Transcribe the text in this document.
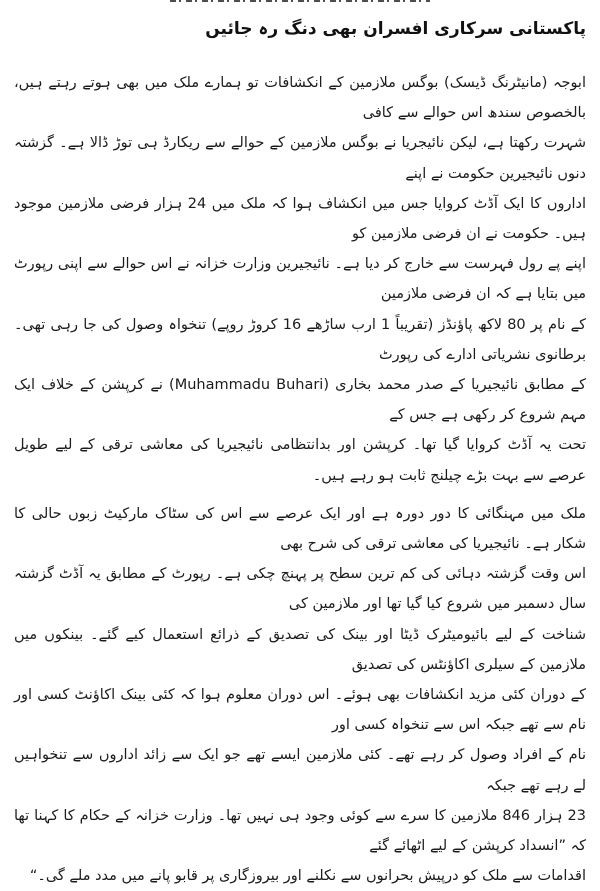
پاکستانی سرکاری افسران بھی دنگ رہ جائیں
ابوجہ (مانیٹرنگ ڈیسک) بوگس ملازمین کے انکشافات تو ہمارے ملک میں بھی ہوتے رہتے ہیں، بالخصوص سندھ اس حوالے سے کافی
شہرت رکھتا ہے، لیکن نائیجریا نے بوگس ملازمین کے حوالے سے ریکارڈ ہی توڑ ڈالا ہے۔ گزشتہ دنوں نائیجیرین حکومت نے اپنے
اداروں کا ایک آڈٹ کروایا جس میں انکشاف ہوا کہ ملک میں 24 ہزار فرضی ملازمین موجود ہیں۔ حکومت نے ان فرضی ملازمین کو
اپنے پے رول فہرست سے خارج کر دیا ہے۔ نائیجیرین وزارت خزانہ نے اس حوالے سے اپنی رپورٹ میں بتایا ہے کہ ان فرضی ملازمین
کے نام پر 80 لاکھ پاؤنڈز (تقریباً 1 ارب ساڑھے 16 کروڑ روپے) تنخواہ وصول کی جا رہی تھی۔ برطانوی نشریاتی ادارے کی رپورٹ
کے مطابق نائیجیریا کے صدر محمد بخاری (Muhammadu Buhari) نے کرپشن کے خلاف ایک مہم شروع کر رکھی ہے جس کے
تحت یہ آڈٹ کروایا گیا تھا۔ کرپشن اور بدانتظامی نائیجیریا کی معاشی ترقی کے لیے طویل عرصے سے بہت بڑے چیلنج ثابت ہو رہے ہیں۔
ملک میں مہنگائی کا دور دورہ ہے اور ایک عرصے سے اس کی سٹاک مارکیٹ زبوں حالی کا شکار ہے۔ نائیجیریا کی معاشی ترقی کی شرح بھی
اس وقت گزشتہ دہائی کی کم ترین سطح پر پہنچ چکی ہے۔ رپورٹ کے مطابق یہ آڈٹ گزشتہ سال دسمبر میں شروع کیا گیا تھا اور ملازمین کی
شناخت کے لیے بائیومیٹرک ڈیٹا اور بینک کی تصدیق کے ذرائع استعمال کیے گئے۔ بینکوں میں ملازمین کے سیلری اکاؤنٹس کی تصدیق
کے دوران کئی مزید انکشافات بھی ہوئے۔ اس دوران معلوم ہوا کہ کئی بینک اکاؤنٹ کسی اور نام سے تھے جبکہ اس سے تنخواہ کسی اور
نام کے افراد وصول کر رہے تھے۔ کئی ملازمین ایسے تھے جو ایک سے زائد اداروں سے تنخواہیں لے رہے تھے جبکہ
23 ہزار 846 ملازمین کا سرے سے کوئی وجود ہی نہیں تھا۔ وزارت خزانہ کے حکام کا کہنا تھا کہ ”انسداد کرپشن کے لیے اٹھائے گئے
اقدامات سے ملک کو درپیش بحرانوں سے نکلنے اور بیروزگاری پر قابو پانے میں مدد ملے گی۔“
